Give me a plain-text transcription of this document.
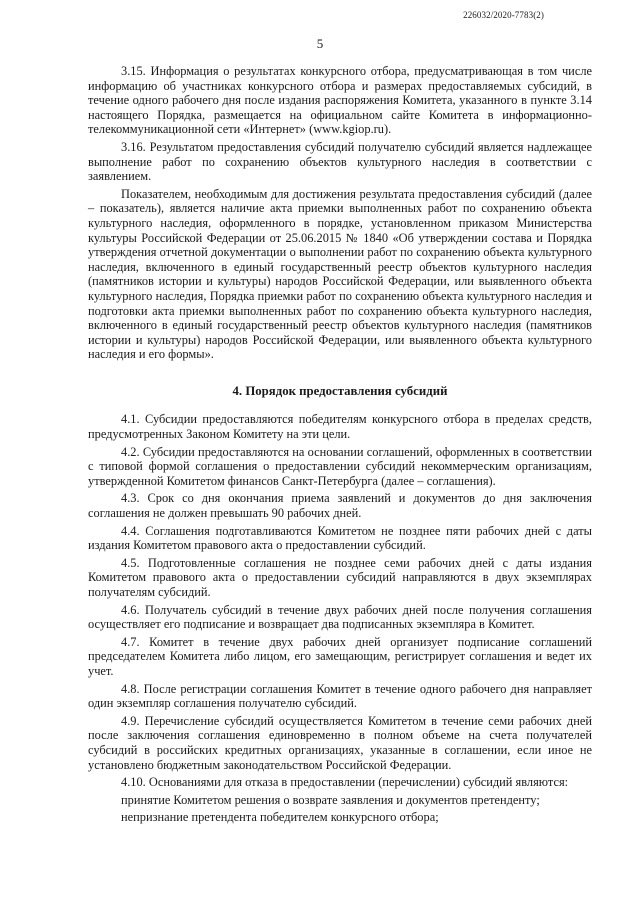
226032/2020-7783(2)
5

3.15. Информация о результатах конкурсного отбора, предусматривающая в том числе информацию об участниках конкурсного отбора и размерах предоставляемых субсидий, в течение одного рабочего дня после издания распоряжения Комитета, указанного в пункте 3.14 настоящего Порядка, размещается на официальном сайте Комитета в информационно-телекоммуникационной сети «Интернет» (www.kgiop.ru).

3.16. Результатом предоставления субсидий получателю субсидий является надлежащее выполнение работ по сохранению объектов культурного наследия в соответствии с заявлением.

Показателем, необходимым для достижения результата предоставления субсидий (далее – показатель), является наличие акта приемки выполненных работ по сохранению объекта культурного наследия, оформленного в порядке, установленном приказом Министерства культуры Российской Федерации от 25.06.2015 № 1840 «Об утверждении состава и Порядка утверждения отчетной документации о выполнении работ по сохранению объекта культурного наследия, включенного в единый государственный реестр объектов культурного наследия (памятников истории и культуры) народов Российской Федерации, или выявленного объекта культурного наследия, Порядка приемки работ по сохранению объекта культурного наследия и подготовки акта приемки выполненных работ по сохранению объекта культурного наследия, включенного в единый государственный реестр объектов культурного наследия (памятников истории и культуры) народов Российской Федерации, или выявленного объекта культурного наследия и его формы».

4. Порядок предоставления субсидий

4.1. Субсидии предоставляются победителям конкурсного отбора в пределах средств, предусмотренных Законом Комитету на эти цели.

4.2. Субсидии предоставляются на основании соглашений, оформленных в соответствии с типовой формой соглашения о предоставлении субсидий некоммерческим организациям, утвержденной Комитетом финансов Санкт-Петербурга (далее – соглашения).

4.3. Срок со дня окончания приема заявлений и документов до дня заключения соглашения не должен превышать 90 рабочих дней.

4.4. Соглашения подготавливаются Комитетом не позднее пяти рабочих дней с даты издания Комитетом правового акта о предоставлении субсидий.

4.5. Подготовленные соглашения не позднее семи рабочих дней с даты издания Комитетом правового акта о предоставлении субсидий направляются в двух экземплярах получателям субсидий.

4.6. Получатель субсидий в течение двух рабочих дней после получения соглашения осуществляет его подписание и возвращает два подписанных экземпляра в Комитет.

4.7. Комитет в течение двух рабочих дней организует подписание соглашений председателем Комитета либо лицом, его замещающим, регистрирует соглашения и ведет их учет.

4.8. После регистрации соглашения Комитет в течение одного рабочего дня направляет один экземпляр соглашения получателю субсидий.

4.9. Перечисление субсидий осуществляется Комитетом в течение семи рабочих дней после заключения соглашения единовременно в полном объеме на счета получателей субсидий в российских кредитных организациях, указанные в соглашении, если иное не установлено бюджетным законодательством Российской Федерации.

4.10. Основаниями для отказа в предоставлении (перечислении) субсидий являются:

принятие Комитетом решения о возврате заявления и документов претенденту;

непризнание претендента победителем конкурсного отбора;
